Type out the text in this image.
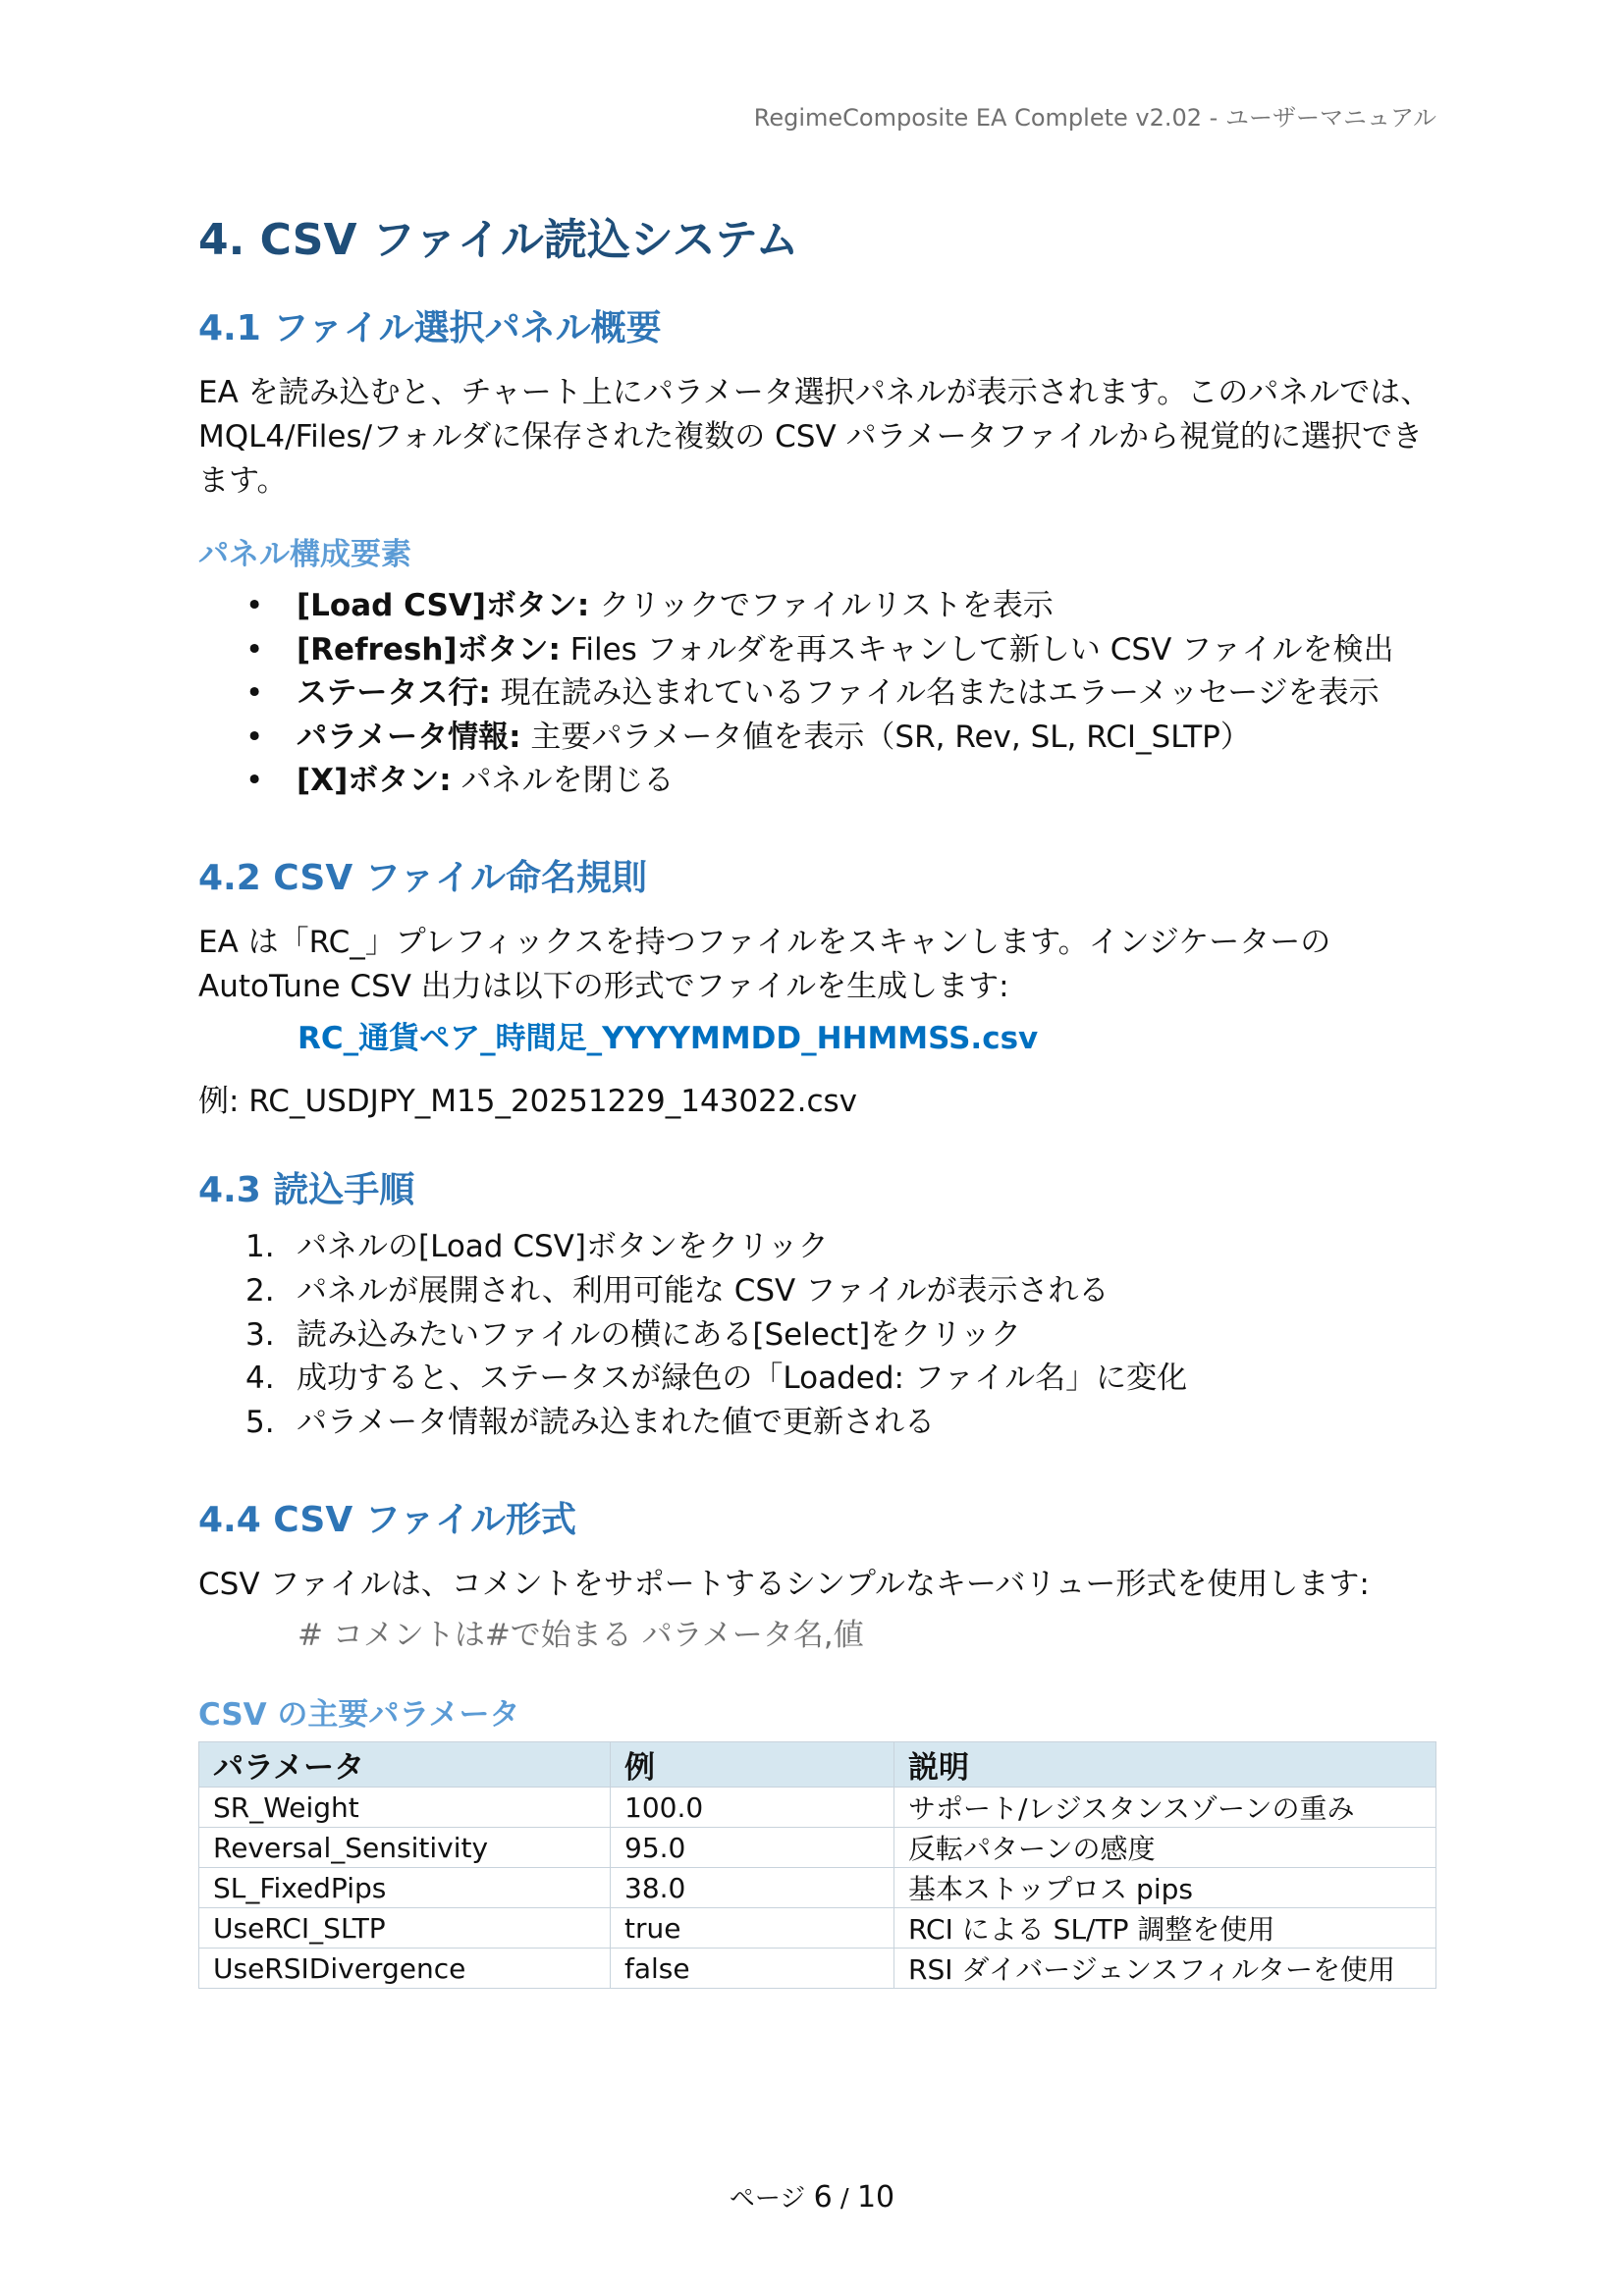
RegimeComposite EA Complete v2.02 - ユーザーマニュアル
4. CSV ファイル読込システム
4.1 ファイル選択パネル概要
EA を読み込むと、チャート上にパラメータ選択パネルが表示されます。このパネルでは、
MQL4/Files/フォルダに保存された複数の CSV パラメータファイルから視覚的に選択でき
ます。
パネル構成要素
• [Load CSV]ボタン: クリックでファイルリストを表示
• [Refresh]ボタン: Files フォルダを再スキャンして新しい CSV ファイルを検出
• ステータス行: 現在読み込まれているファイル名またはエラーメッセージを表示
• パラメータ情報: 主要パラメータ値を表示（SR, Rev, SL, RCI_SLTP）
• [X]ボタン: パネルを閉じる
4.2 CSV ファイル命名規則
EA は「RC_」プレフィックスを持つファイルをスキャンします。インジケーターの
AutoTune CSV 出力は以下の形式でファイルを生成します:
RC_通貨ペア_時間足_YYYYMMDD_HHMMSS.csv
例: RC_USDJPY_M15_20251229_143022.csv
4.3 読込手順
1. パネルの[Load CSV]ボタンをクリック
2. パネルが展開され、利用可能な CSV ファイルが表示される
3. 読み込みたいファイルの横にある[Select]をクリック
4. 成功すると、ステータスが緑色の「Loaded: ファイル名」に変化
5. パラメータ情報が読み込まれた値で更新される
4.4 CSV ファイル形式
CSV ファイルは、コメントをサポートするシンプルなキーバリュー形式を使用します:
# コメントは#で始まる パラメータ名,値
CSV の主要パラメータ
パラメータ	例	説明
SR_Weight	100.0	サポート/レジスタンスゾーンの重み
Reversal_Sensitivity	95.0	反転パターンの感度
SL_FixedPips	38.0	基本ストップロス pips
UseRCI_SLTP	true	RCI による SL/TP 調整を使用
UseRSIDivergence	false	RSI ダイバージェンスフィルターを使用
ページ 6 / 10
